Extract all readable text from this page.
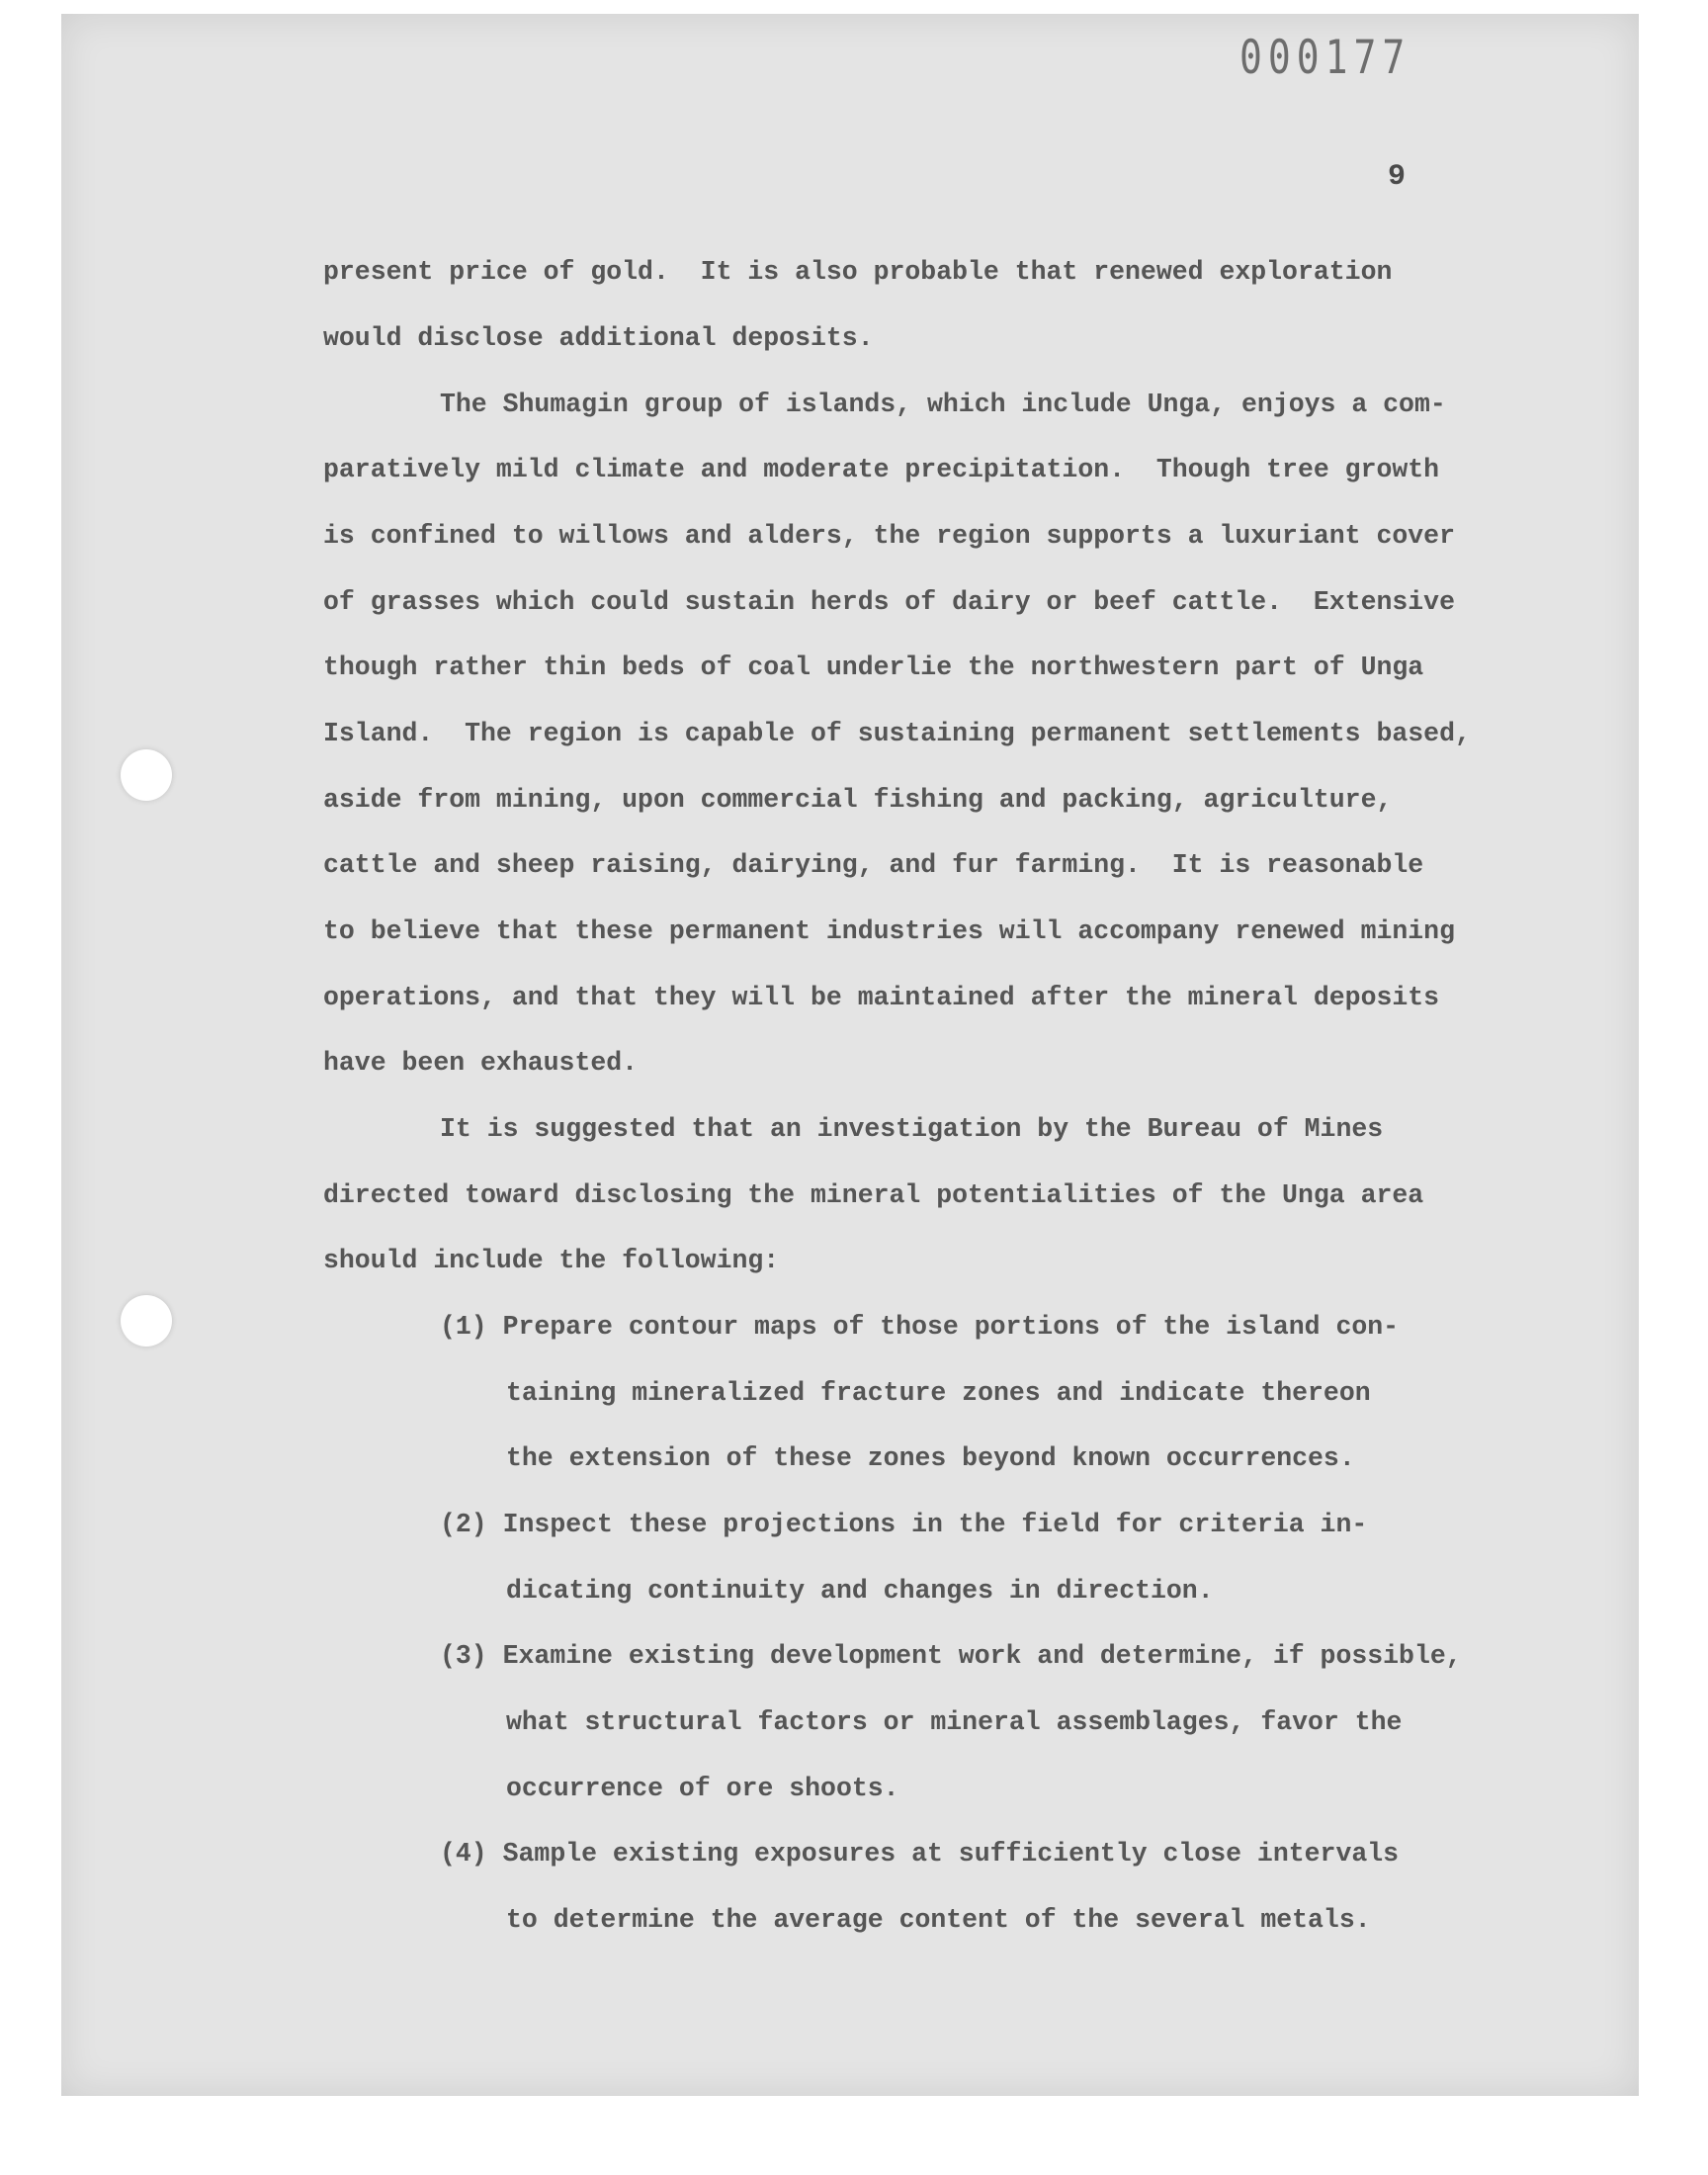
000177
9
present price of gold.  It is also probable that renewed exploration
would disclose additional deposits.
The Shumagin group of islands, which include Unga, enjoys a com-
paratively mild climate and moderate precipitation.  Though tree growth
is confined to willows and alders, the region supports a luxuriant cover
of grasses which could sustain herds of dairy or beef cattle.  Extensive
though rather thin beds of coal underlie the northwestern part of Unga
Island.  The region is capable of sustaining permanent settlements based,
aside from mining, upon commercial fishing and packing, agriculture,
cattle and sheep raising, dairying, and fur farming.  It is reasonable
to believe that these permanent industries will accompany renewed mining
operations, and that they will be maintained after the mineral deposits
have been exhausted.
It is suggested that an investigation by the Bureau of Mines
directed toward disclosing the mineral potentialities of the Unga area
should include the following:
(1) Prepare contour maps of those portions of the island con-
taining mineralized fracture zones and indicate thereon
the extension of these zones beyond known occurrences.
(2) Inspect these projections in the field for criteria in-
dicating continuity and changes in direction.
(3) Examine existing development work and determine, if possible,
what structural factors or mineral assemblages, favor the
occurrence of ore shoots.
(4) Sample existing exposures at sufficiently close intervals
to determine the average content of the several metals.
